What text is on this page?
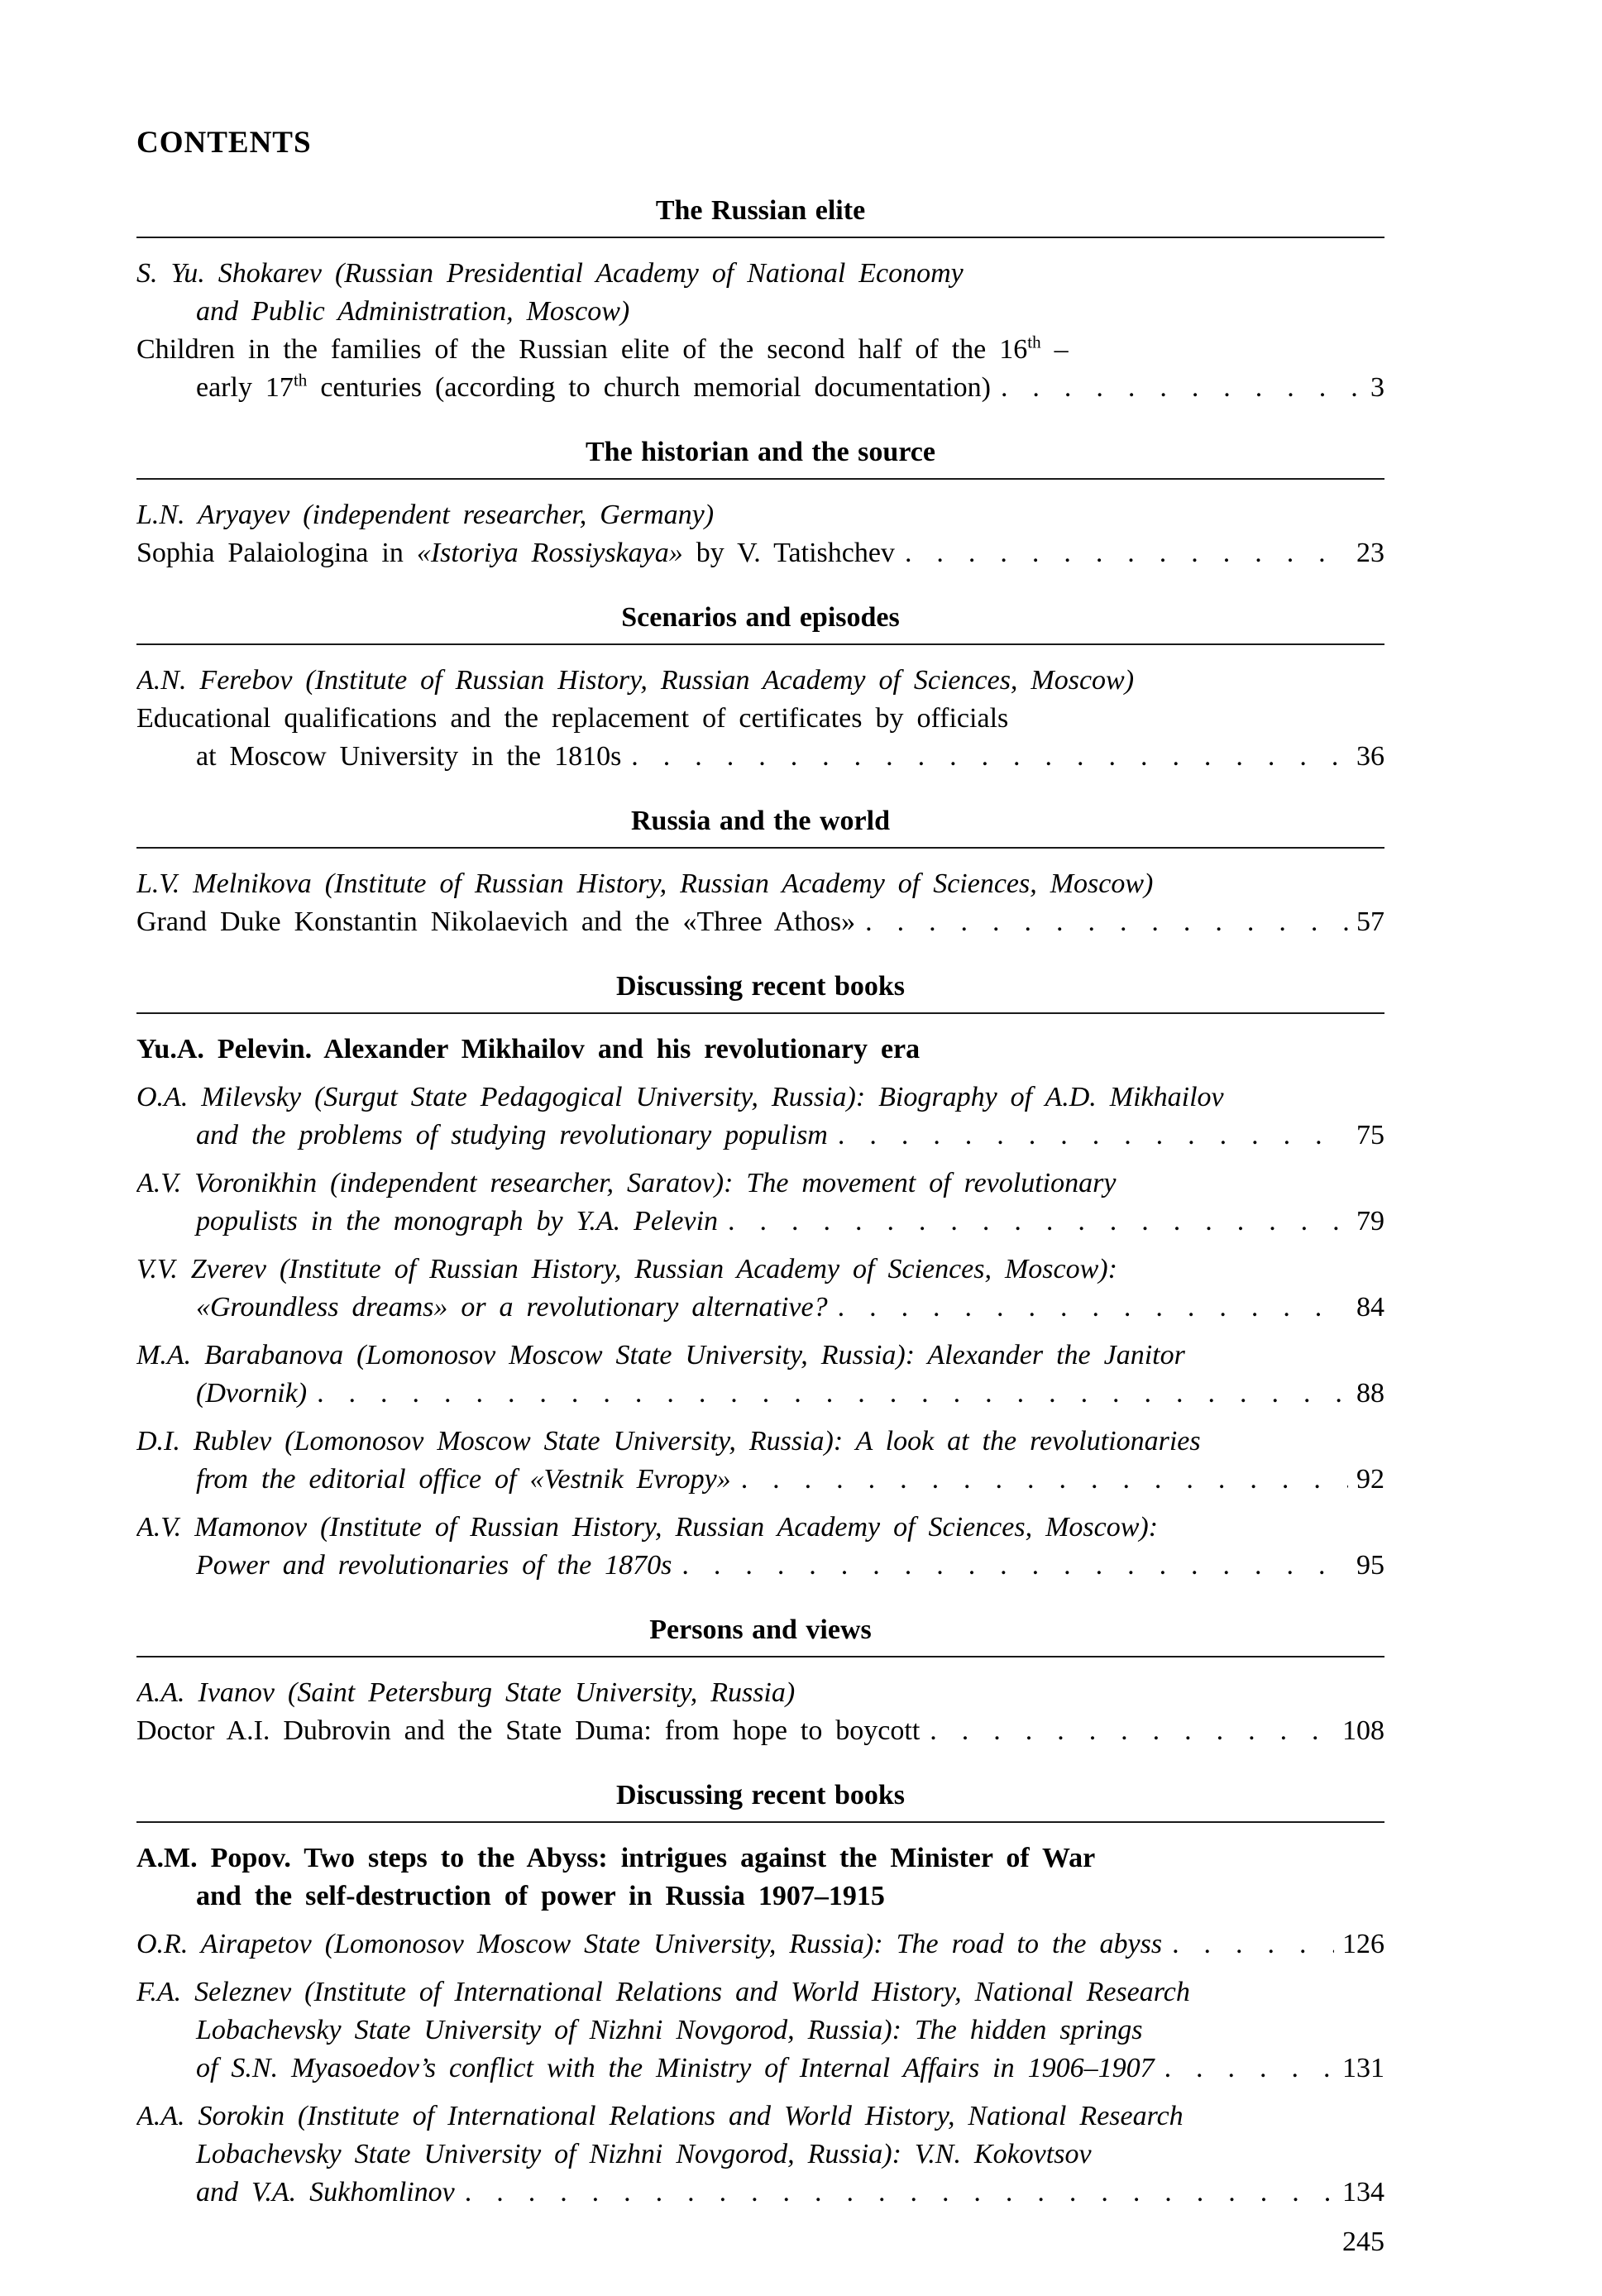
CONTENTS
The Russian elite
S. Yu. Shokarev (Russian Presidential Academy of National Economy
and Public Administration, Moscow)
Children in the families of the Russian elite of the second half of the 16th –
early 17th centuries (according to church memorial documentation) . . .	3
The historian and the source
L.N. Aryayev (independent researcher, Germany)
Sophia Palaiologina in «Istoriya Rossiyskaya» by V. Tatishchev . . .	23
Scenarios and episodes
A.N. Ferebov (Institute of Russian History, Russian Academy of Sciences, Moscow)
Educational qualifications and the replacement of certificates by officials
at Moscow University in the 1810s . . .	36
Russia and the world
L.V. Melnikova (Institute of Russian History, Russian Academy of Sciences, Moscow)
Grand Duke Konstantin Nikolaevich and the «Three Athos» . . .	57
Discussing recent books
Yu.A. Pelevin. Alexander Mikhailov and his revolutionary era
O.A. Milevsky (Surgut State Pedagogical University, Russia): Biography of A.D. Mikhailov
and the problems of studying revolutionary populism . . .	75
A.V. Voronikhin (independent researcher, Saratov): The movement of revolutionary
populists in the monograph by Y.A. Pelevin . . .	79
V.V. Zverev (Institute of Russian History, Russian Academy of Sciences, Moscow):
«Groundless dreams» or a revolutionary alternative? . . .	84
M.A. Barabanova (Lomonosov Moscow State University, Russia): Alexander the Janitor
(Dvornik) . . .	88
D.I. Rublev (Lomonosov Moscow State University, Russia): A look at the revolutionaries
from the editorial office of «Vestnik Evropy» . . .	92
A.V. Mamonov (Institute of Russian History, Russian Academy of Sciences, Moscow):
Power and revolutionaries of the 1870s . . .	95
Persons and views
A.A. Ivanov (Saint Petersburg State University, Russia)
Doctor A.I. Dubrovin and the State Duma: from hope to boycott . . .	108
Discussing recent books
A.M. Popov. Two steps to the Abyss: intrigues against the Minister of War
and the self-destruction of power in Russia 1907–1915
O.R. Airapetov (Lomonosov Moscow State University, Russia): The road to the abyss . . .	126
F.A. Seleznev (Institute of International Relations and World History, National Research
Lobachevsky State University of Nizhni Novgorod, Russia): The hidden springs
of S.N. Myasoedov’s conflict with the Ministry of Internal Affairs in 1906–1907 . . .	131
A.A. Sorokin (Institute of International Relations and World History, National Research
Lobachevsky State University of Nizhni Novgorod, Russia): V.N. Kokovtsov
and V.A. Sukhomlinov . . .	134
245
